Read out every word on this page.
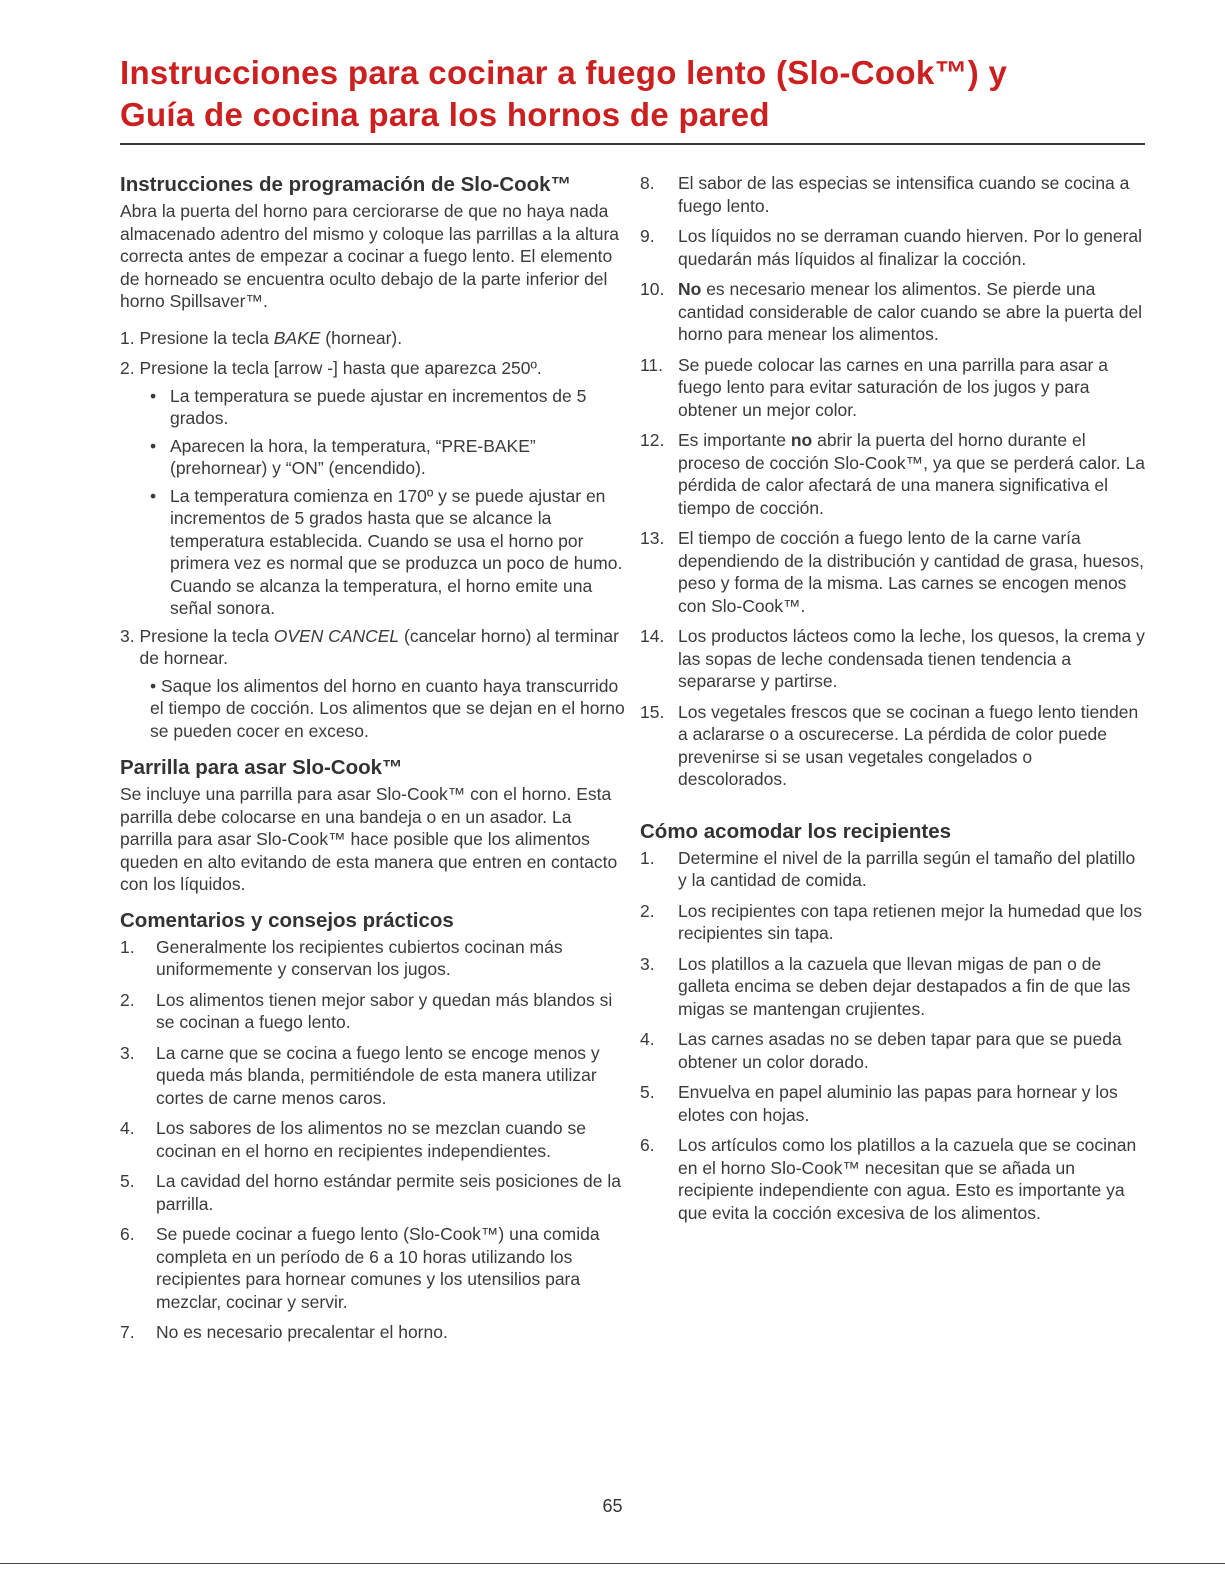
Instrucciones para cocinar a fuego lento (Slo-Cook™) y
Guía de cocina para los hornos de pared
Instrucciones de programación de Slo-Cook™

Abra la puerta del horno para cerciorarse de que no haya nada almacenado adentro del mismo y coloque las parrillas a la altura correcta antes de empezar a cocinar a fuego lento. El elemento de horneado se encuentra oculto debajo de la parte inferior del horno Spillsaver™.

1. Presione la tecla BAKE (hornear).
2. Presione la tecla [arrow -] hasta que aparezca 250º.
• La temperatura se puede ajustar en incrementos de 5 grados.
• Aparecen la hora, la temperatura, “PRE-BAKE” (prehornear) y “ON” (encendido).
• La temperatura comienza en 170º y se puede ajustar en incrementos de 5 grados hasta que se alcance la temperatura establecida. Cuando se usa el horno por primera vez es normal que se produzca un poco de humo. Cuando se alcanza la temperatura, el horno emite una señal sonora.
3. Presione la tecla OVEN CANCEL (cancelar horno) al terminar de hornear.
• Saque los alimentos del horno en cuanto haya transcurrido el tiempo de cocción. Los alimentos que se dejan en el horno se pueden cocer en exceso.
Parrilla para asar Slo-Cook™

Se incluye una parrilla para asar Slo-Cook™ con el horno. Esta parrilla debe colocarse en una bandeja o en un asador. La parrilla para asar Slo-Cook™ hace posible que los alimentos queden en alto evitando de esta manera que entren en contacto con los líquidos.

Comentarios y consejos prácticos
1.	Generalmente los recipientes cubiertos cocinan más uniformemente y conservan los jugos.
2.	Los alimentos tienen mejor sabor y quedan más blandos si se cocinan a fuego lento.
3.	La carne que se cocina a fuego lento se encoge menos y queda más blanda, permitiéndole de esta manera utilizar cortes de carne menos caros.
4.	Los sabores de los alimentos no se mezclan cuando se cocinan en el horno en recipientes independientes.
5.	La cavidad del horno estándar permite seis posiciones de la parrilla.
6.	Se puede cocinar a fuego lento (Slo-Cook™) una comida completa en un período de 6 a 10 horas utilizando los recipientes para hornear comunes y los utensilios para mezclar, cocinar y servir.
7.	No es necesario precalentar el horno.
8.	El sabor de las especias se intensifica cuando se cocina a fuego lento.
9.	Los líquidos no se derraman cuando hierven. Por lo general quedarán más líquidos al finalizar la cocción.
10. No es necesario menear los alimentos. Se pierde una cantidad considerable de calor cuando se abre la puerta del horno para menear los alimentos.
11. Se puede colocar las carnes en una parrilla para asar a fuego lento para evitar saturación de los jugos y para obtener un mejor color.
12. Es importante no abrir la puerta del horno durante el proceso de cocción Slo-Cook™, ya que se perderá calor. La pérdida de calor afectará de una manera significativa el tiempo de cocción.
13. El tiempo de cocción a fuego lento de la carne varía dependiendo de la distribución y cantidad de grasa, huesos, peso y forma de la misma. Las carnes se encogen menos con Slo-Cook™.
14. Los productos lácteos como la leche, los quesos, la crema y las sopas de leche condensada tienen tendencia a separarse y partirse.
15. Los vegetales frescos que se cocinan a fuego lento tienden a aclararse o a oscurecerse. La pérdida de color puede prevenirse si se usan vegetales congelados o descolorados.
Cómo acomodar los recipientes
1.	Determine el nivel de la parrilla según el tamaño del platillo y la cantidad de comida.
2.	Los recipientes con tapa retienen mejor la humedad que los recipientes sin tapa.
3.	Los platillos a la cazuela que llevan migas de pan o de galleta encima se deben dejar destapados a fin de que las migas se mantengan crujientes.
4.	Las carnes asadas no se deben tapar para que se pueda obtener un color dorado.
5.	Envuelva en papel aluminio las papas para hornear y los elotes con hojas.
6.	Los artículos como los platillos a la cazuela que se cocinan en el horno Slo-Cook™ necesitan que se añada un recipiente independiente con agua. Esto es importante ya que evita la cocción excesiva de los alimentos.
65
